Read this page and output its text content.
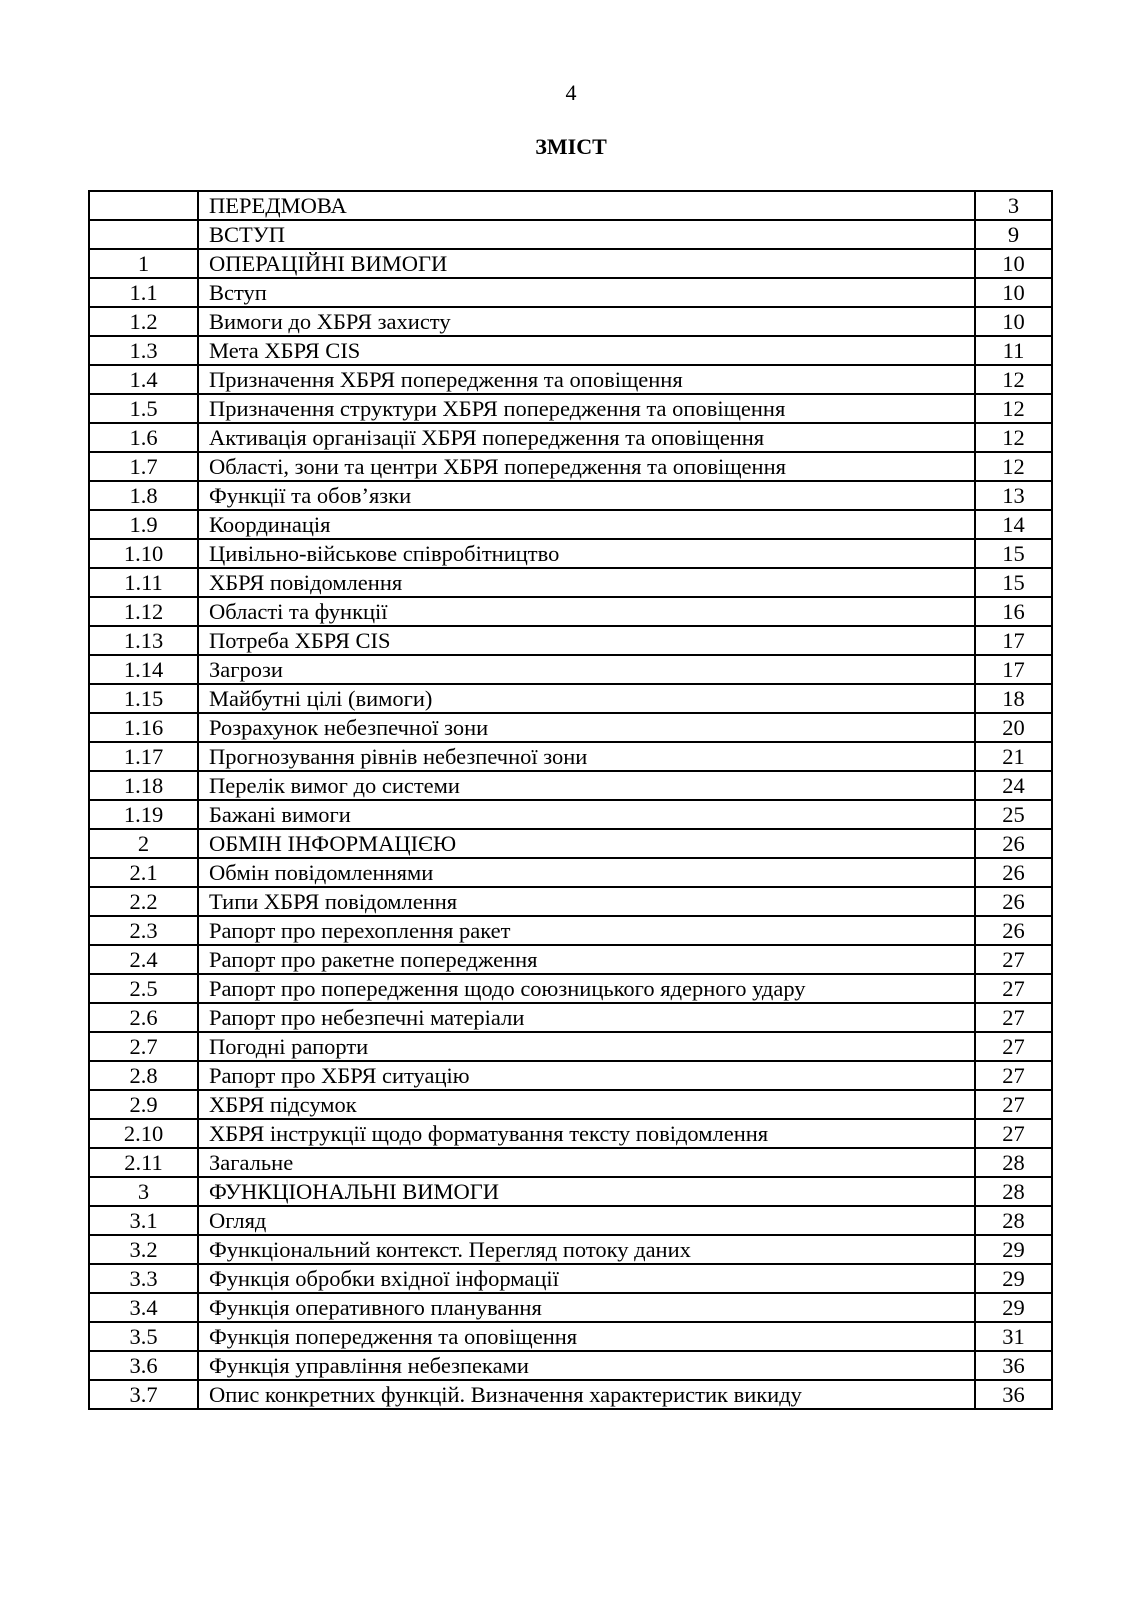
4
ЗМІСТ
	ПЕРЕДМОВА	3
	ВСТУП	9
1	ОПЕРАЦІЙНІ ВИМОГИ	10
1.1	Вступ	10
1.2	Вимоги до ХБРЯ захисту	10
1.3	Мета ХБРЯ CIS	11
1.4	Призначення ХБРЯ попередження та оповіщення	12
1.5	Призначення структури ХБРЯ попередження та оповіщення	12
1.6	Активація організації ХБРЯ попередження та оповіщення	12
1.7	Області, зони та центри ХБРЯ попередження та оповіщення	12
1.8	Функції та обов’язки	13
1.9	Координація	14
1.10	Цивільно-військове співробітництво	15
1.11	ХБРЯ повідомлення	15
1.12	Області та функції	16
1.13	Потреба ХБРЯ CIS	17
1.14	Загрози	17
1.15	Майбутні цілі (вимоги)	18
1.16	Розрахунок небезпечної зони	20
1.17	Прогнозування рівнів небезпечної зони	21
1.18	Перелік вимог до системи	24
1.19	Бажані вимоги	25
2	ОБМІН ІНФОРМАЦІЄЮ	26
2.1	Обмін повідомленнями	26
2.2	Типи ХБРЯ повідомлення	26
2.3	Рапорт про перехоплення ракет	26
2.4	Рапорт про ракетне попередження	27
2.5	Рапорт про попередження щодо союзницького ядерного удару	27
2.6	Рапорт про небезпечні матеріали	27
2.7	Погодні рапорти	27
2.8	Рапорт про ХБРЯ ситуацію	27
2.9	ХБРЯ підсумок	27
2.10	ХБРЯ інструкції щодо форматування тексту повідомлення	27
2.11	Загальне	28
3	ФУНКЦІОНАЛЬНІ ВИМОГИ	28
3.1	Огляд	28
3.2	Функціональний контекст. Перегляд потоку даних	29
3.3	Функція обробки вхідної інформації	29
3.4	Функція оперативного планування	29
3.5	Функція попередження та оповіщення	31
3.6	Функція управління небезпеками	36
3.7	Опис конкретних функцій. Визначення характеристик викиду	36
